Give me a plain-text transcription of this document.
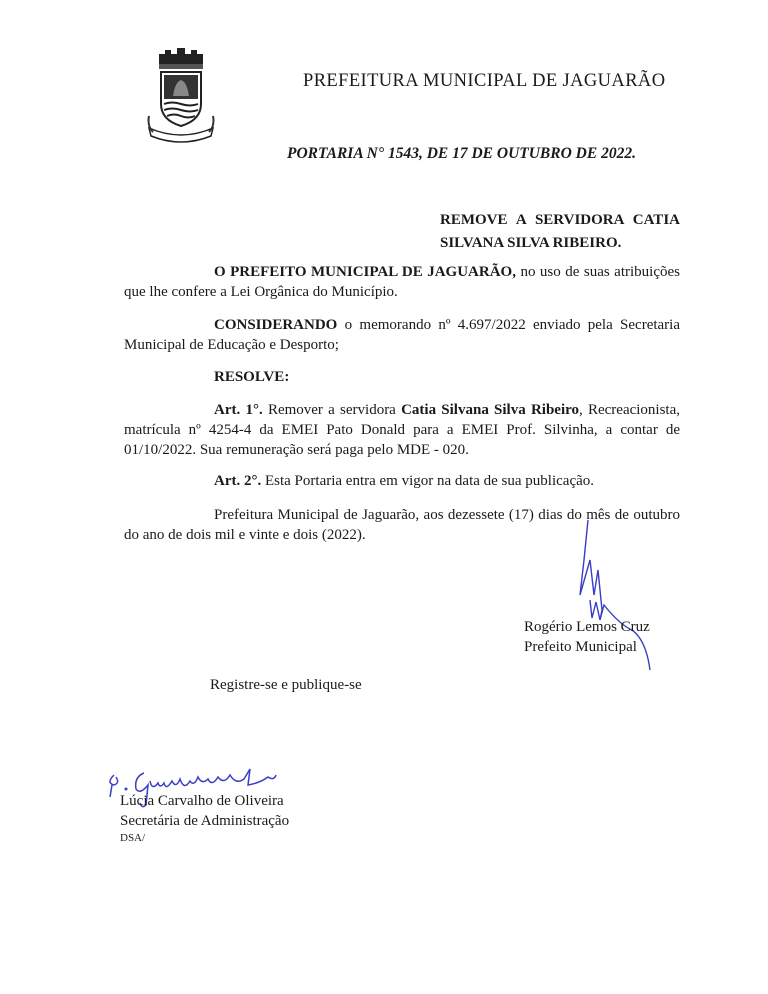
PREFEITURA MUNICIPAL DE JAGUARÃO
PORTARIA N° 1543, DE 17 DE OUTUBRO DE 2022.
REMOVE A SERVIDORA CATIA
SILVANA SILVA RIBEIRO.
O PREFEITO MUNICIPAL DE JAGUARÃO, no uso de suas atribuições que lhe confere a Lei Orgânica do Município.
CONSIDERANDO o memorando nº 4.697/2022 enviado pela Secretaria Municipal de Educação e Desporto;
RESOLVE:
Art. 1°. Remover a servidora Catia Silvana Silva Ribeiro, Recreacionista, matrícula nº 4254-4 da EMEI Pato Donald para a EMEI Prof. Silvinha, a contar de 01/10/2022. Sua remuneração será paga pelo MDE - 020.
Art. 2°. Esta Portaria entra em vigor na data de sua publicação.
Prefeitura Municipal de Jaguarão, aos dezessete (17) dias do mês de outubro do ano de dois mil e vinte e dois (2022).
Rogério Lemos Cruz
Prefeito Municipal
Registre-se e publique-se
Lúcia Carvalho de Oliveira
Secretária de Administração
DSA/
